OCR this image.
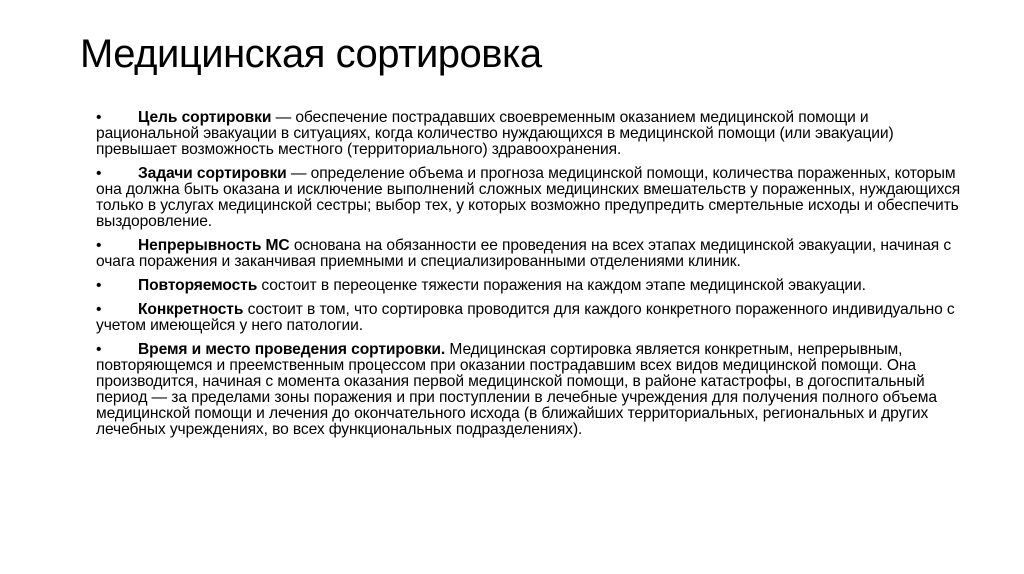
Медицинская сортировка

• Цель сортировки — обеспечение пострадавших своевременным оказанием медицинской помощи и рациональной эвакуации в ситуациях, когда количество нуждающихся в медицинской помощи (или эвакуации) превышает возможность местного (территориального) здравоохранения.

• Задачи сортировки — определение объема и прогноза медицинской помощи, количества пораженных, которым она должна быть оказана и исключение выполнений сложных медицинских вмешательств у пораженных, нуждающихся только в услугах медицинской сестры; выбор тех, у которых возможно предупредить смертельные исходы и обеспечить выздоровление.

• Непрерывность МС основана на обязанности ее проведения на всех этапах медицинской эвакуации, начиная с очага поражения и заканчивая приемными и специализированными отделениями клиник.

• Повторяемость состоит в переоценке тяжести поражения на каждом этапе медицинской эвакуации.

• Конкретность состоит в том, что сортировка проводится для каждого конкретного пораженного индивидуально с учетом имеющейся у него патологии.

• Время и место проведения сортировки. Медицинская сортировка является конкретным, непрерывным, повторяющемся и преемственным процессом при оказании пострадавшим всех видов медицинской помощи. Она производится, начиная с момента оказания первой медицинской помощи, в районе катастрофы, в догоспитальный период — за пределами зоны поражения и при поступлении в лечебные учреждения для получения полного объема медицинской помощи и лечения до окончательного исхода (в ближайших территориальных, региональных и других лечебных учреждениях, во всех функциональных подразделениях).
